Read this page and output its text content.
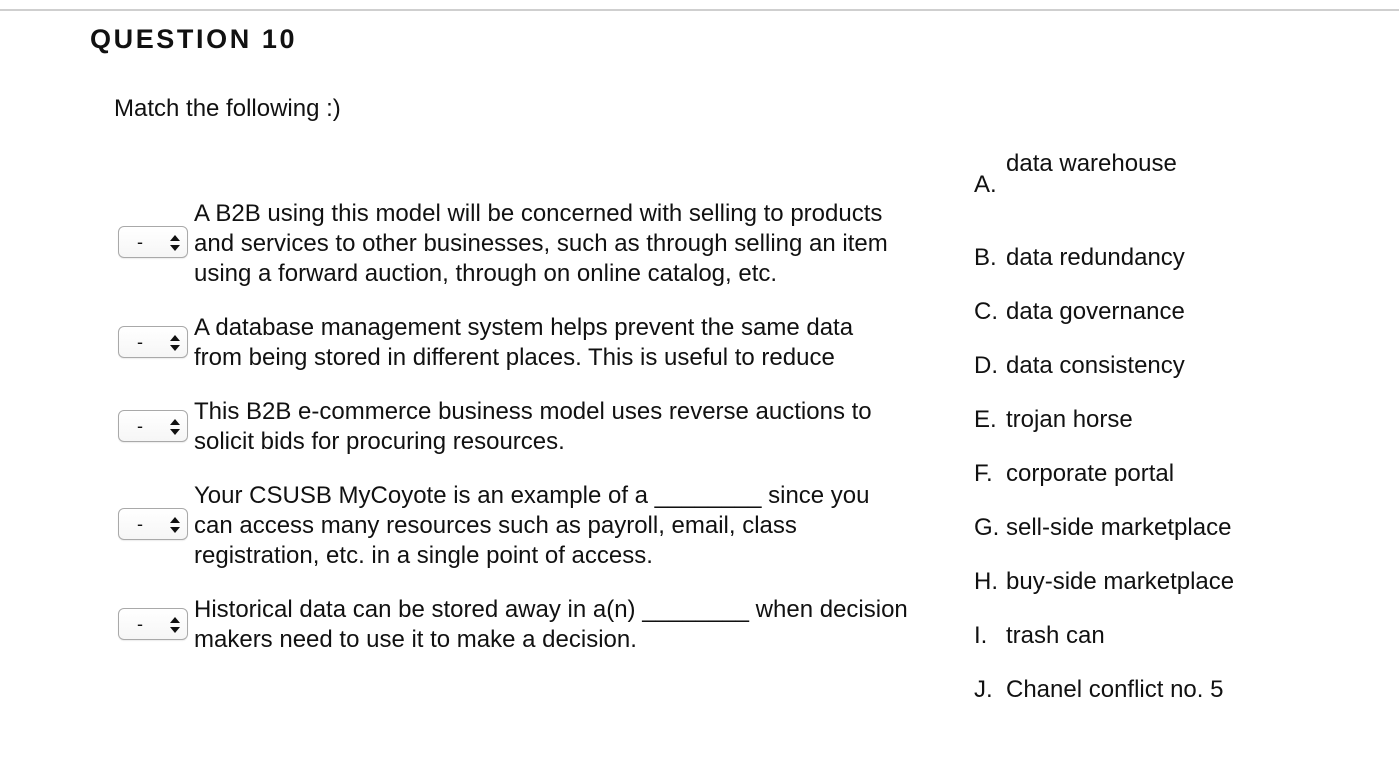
QUESTION 10
Match the following :)
-
A B2B using this model will be concerned with selling to products
and services to other businesses, such as through selling an item
using a forward auction, through on online catalog, etc.
-
A database management system helps prevent the same data
from being stored in different places. This is useful to reduce
-
This B2B e-commerce business model uses reverse auctions to
solicit bids for procuring resources.
-
Your CSUSB MyCoyote is an example of a ________ since you
can access many resources such as payroll, email, class
registration, etc. in a single point of access.
-
Historical data can be stored away in a(n) ________ when decision
makers need to use it to make a decision.
A.
data warehouse
B. data redundancy
C. data governance
D. data consistency
E. trojan horse
F. corporate portal
G. sell-side marketplace
H. buy-side marketplace
I. trash can
J. Chanel conflict no. 5
